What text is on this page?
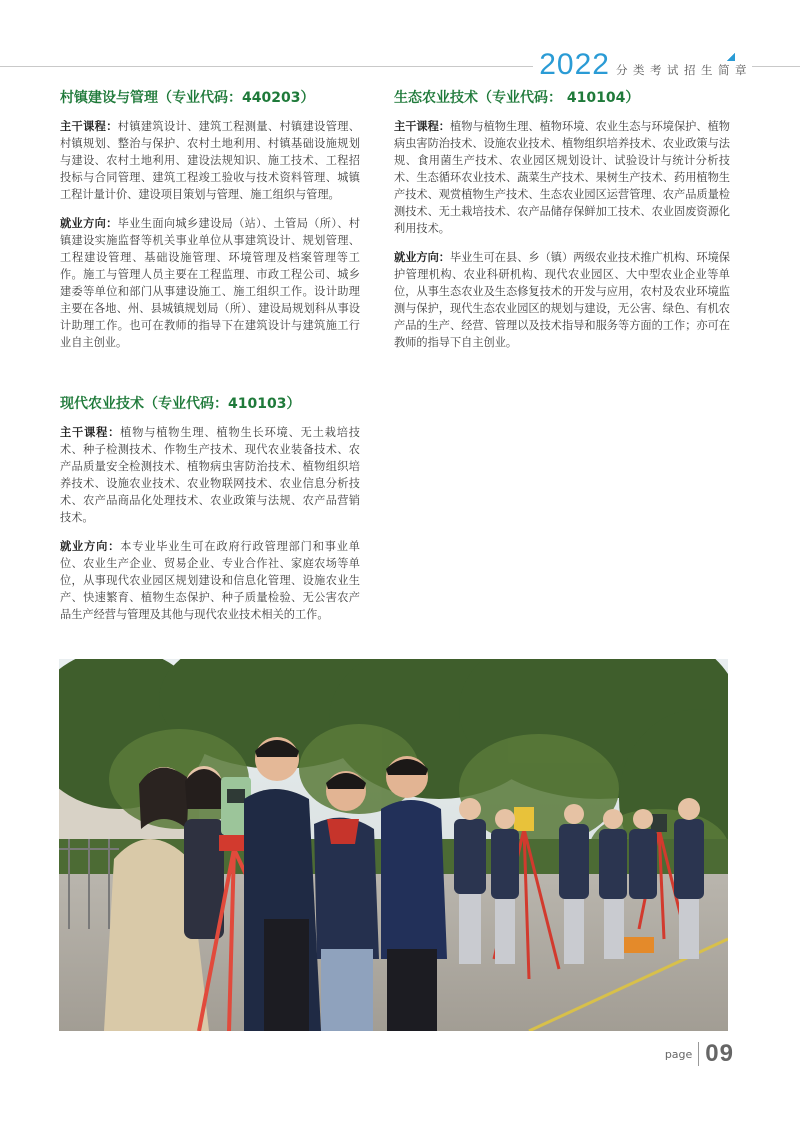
2022 分类考试招生简章
村镇建设与管理（专业代码：440203）

主干课程：村镇建筑设计、建筑工程测量、村镇建设管理、村镇规划、整治与保护、农村土地利用、村镇基础设施规划与建设、农村土地利用、建设法规知识、施工技术、工程招投标与合同管理、建筑工程竣工验收与技术资料管理、城镇工程计量计价、建设项目策划与管理、施工组织与管理。

就业方向：毕业生面向城乡建设局（站）、土管局（所）、村镇建设实施监督等机关事业单位从事建筑设计、规划管理、工程建设管理、基础设施管理、环境管理及档案管理等工作。施工与管理人员主要在工程监理、市政工程公司、城乡建委等单位和部门从事建设施工、施工组织工作。设计助理主要在各地、州、县城镇规划局（所）、建设局规划科从事设计助理工作。也可在教师的指导下在建筑设计与建筑施工行业自主创业。

生态农业技术（专业代码： 410104）

主干课程：植物与植物生理、植物环境、农业生态与环境保护、植物病虫害防治技术、设施农业技术、植物组织培养技术、农业政策与法规、食用菌生产技术、农业园区规划设计、试验设计与统计分析技术、生态循环农业技术、蔬菜生产技术、果树生产技术、药用植物生产技术、观赏植物生产技术、生态农业园区运营管理、农产品质量检测技术、无土栽培技术、农产品储存保鲜加工技术、农业固废资源化利用技术。

就业方向：毕业生可在县、乡（镇）两级农业技术推广机构、环境保护管理机构、农业科研机构、现代农业园区、大中型农业企业等单位，从事生态农业及生态修复技术的开发与应用，农村及农业环境监测与保护，现代生态农业园区的规划与建设，无公害、绿色、有机农产品的生产、经营、管理以及技术指导和服务等方面的工作；亦可在教师的指导下自主创业。

现代农业技术（专业代码：410103）

主干课程：植物与植物生理、植物生长环境、无土栽培技术、种子检测技术、作物生产技术、现代农业装备技术、农产品质量安全检测技术、植物病虫害防治技术、植物组织培养技术、设施农业技术、农业物联网技术、农业信息分析技术、农产品商品化处理技术、农业政策与法规、农产品营销技术。

就业方向：本专业毕业生可在政府行政管理部门和事业单位、农业生产企业、贸易企业、专业合作社、家庭农场等单位，从事现代农业园区规划建设和信息化管理、设施农业生产、快速繁育、植物生态保护、种子质量检验、无公害农产品生产经营与管理及其他与现代农业技术相关的工作。

page 09
